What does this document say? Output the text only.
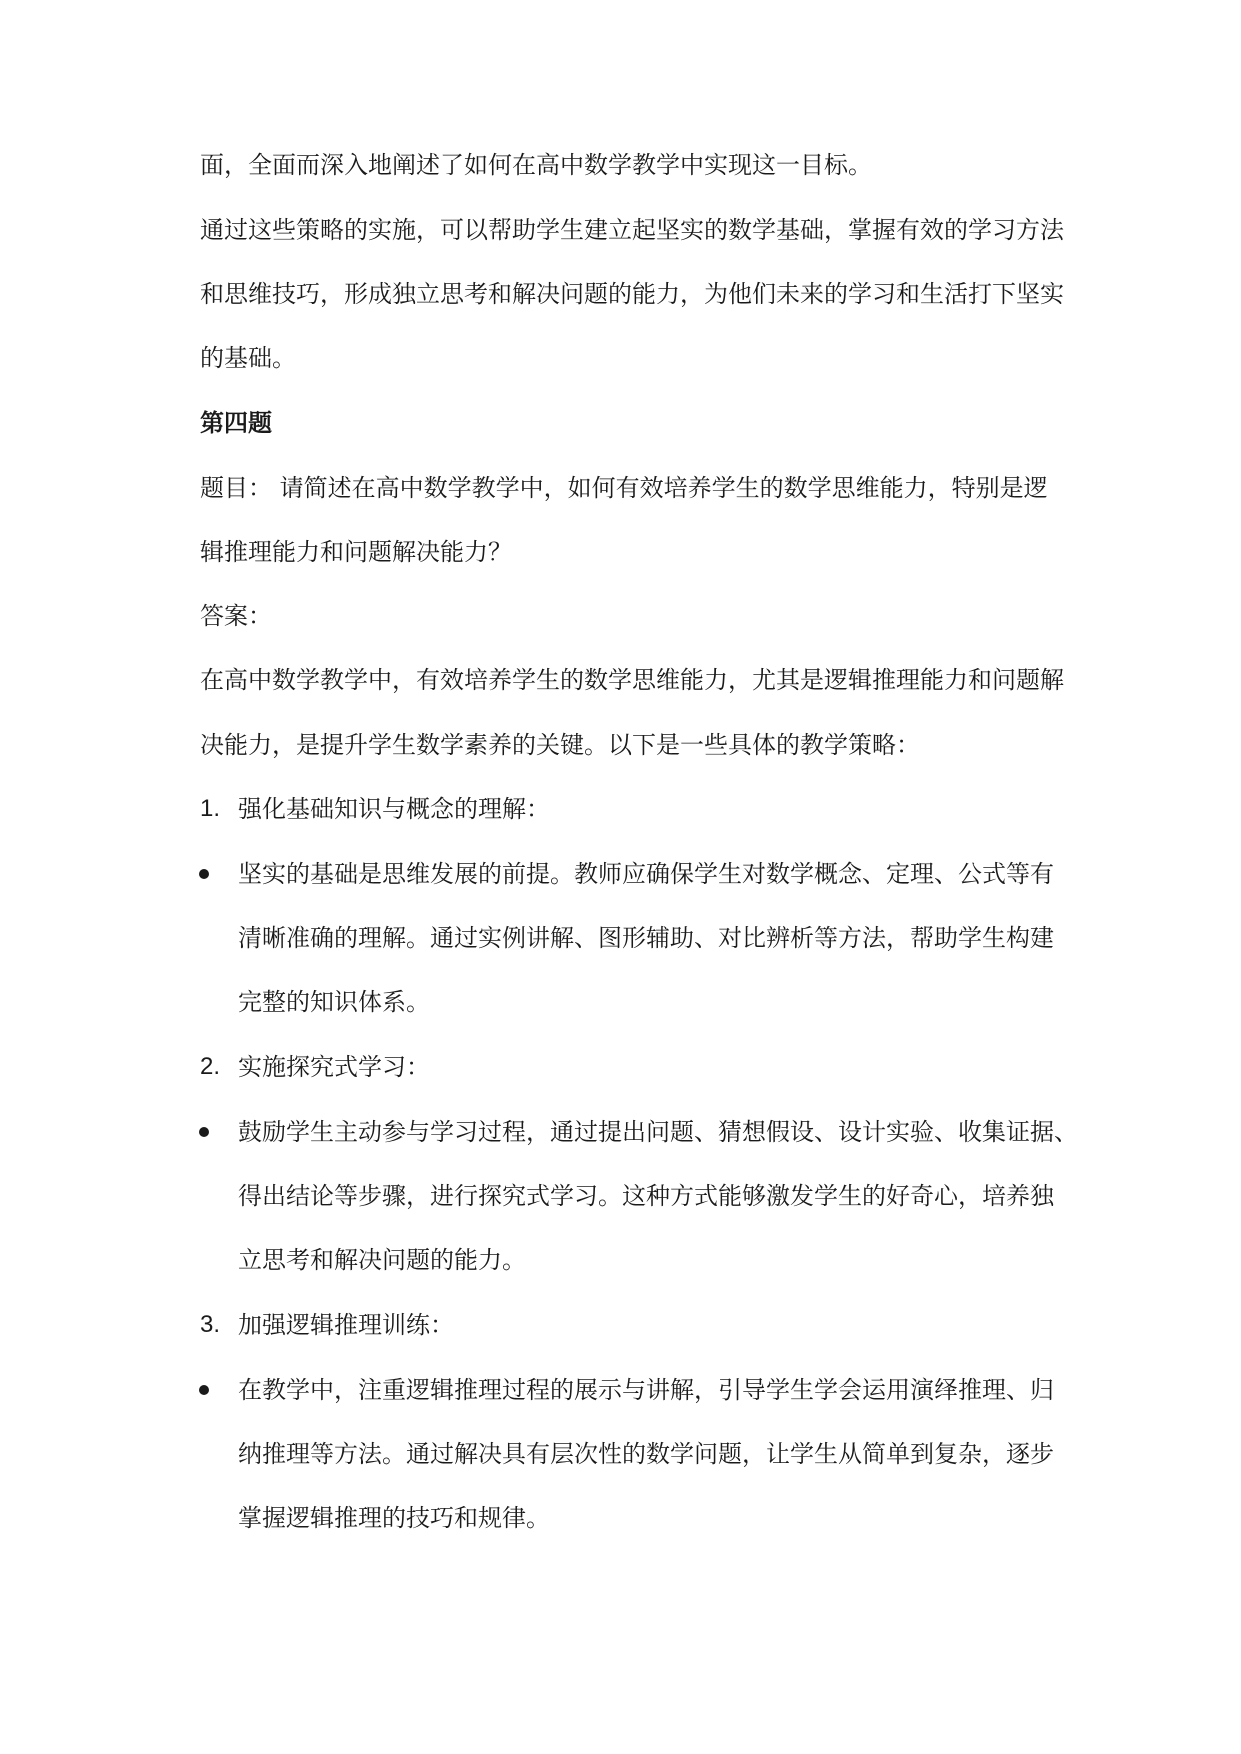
面，全面而深入地阐述了如何在高中数学教学中实现这一目标。
通过这些策略的实施，可以帮助学生建立起坚实的数学基础，掌握有效的学习方法
和思维技巧，形成独立思考和解决问题的能力，为他们未来的学习和生活打下坚实
的基础。
第四题
题目： 请简述在高中数学教学中，如何有效培养学生的数学思维能力，特别是逻
辑推理能力和问题解决能力？
答案：
在高中数学教学中，有效培养学生的数学思维能力，尤其是逻辑推理能力和问题解
决能力，是提升学生数学素养的关键。以下是一些具体的教学策略：
1. 强化基础知识与概念的理解：
坚实的基础是思维发展的前提。教师应确保学生对数学概念、定理、公式等有
清晰准确的理解。通过实例讲解、图形辅助、对比辨析等方法，帮助学生构建
完整的知识体系。
2. 实施探究式学习：
鼓励学生主动参与学习过程，通过提出问题、猜想假设、设计实验、收集证据、
得出结论等步骤，进行探究式学习。这种方式能够激发学生的好奇心，培养独
立思考和解决问题的能力。
3. 加强逻辑推理训练：
在教学中，注重逻辑推理过程的展示与讲解，引导学生学会运用演绎推理、归
纳推理等方法。通过解决具有层次性的数学问题，让学生从简单到复杂，逐步
掌握逻辑推理的技巧和规律。
